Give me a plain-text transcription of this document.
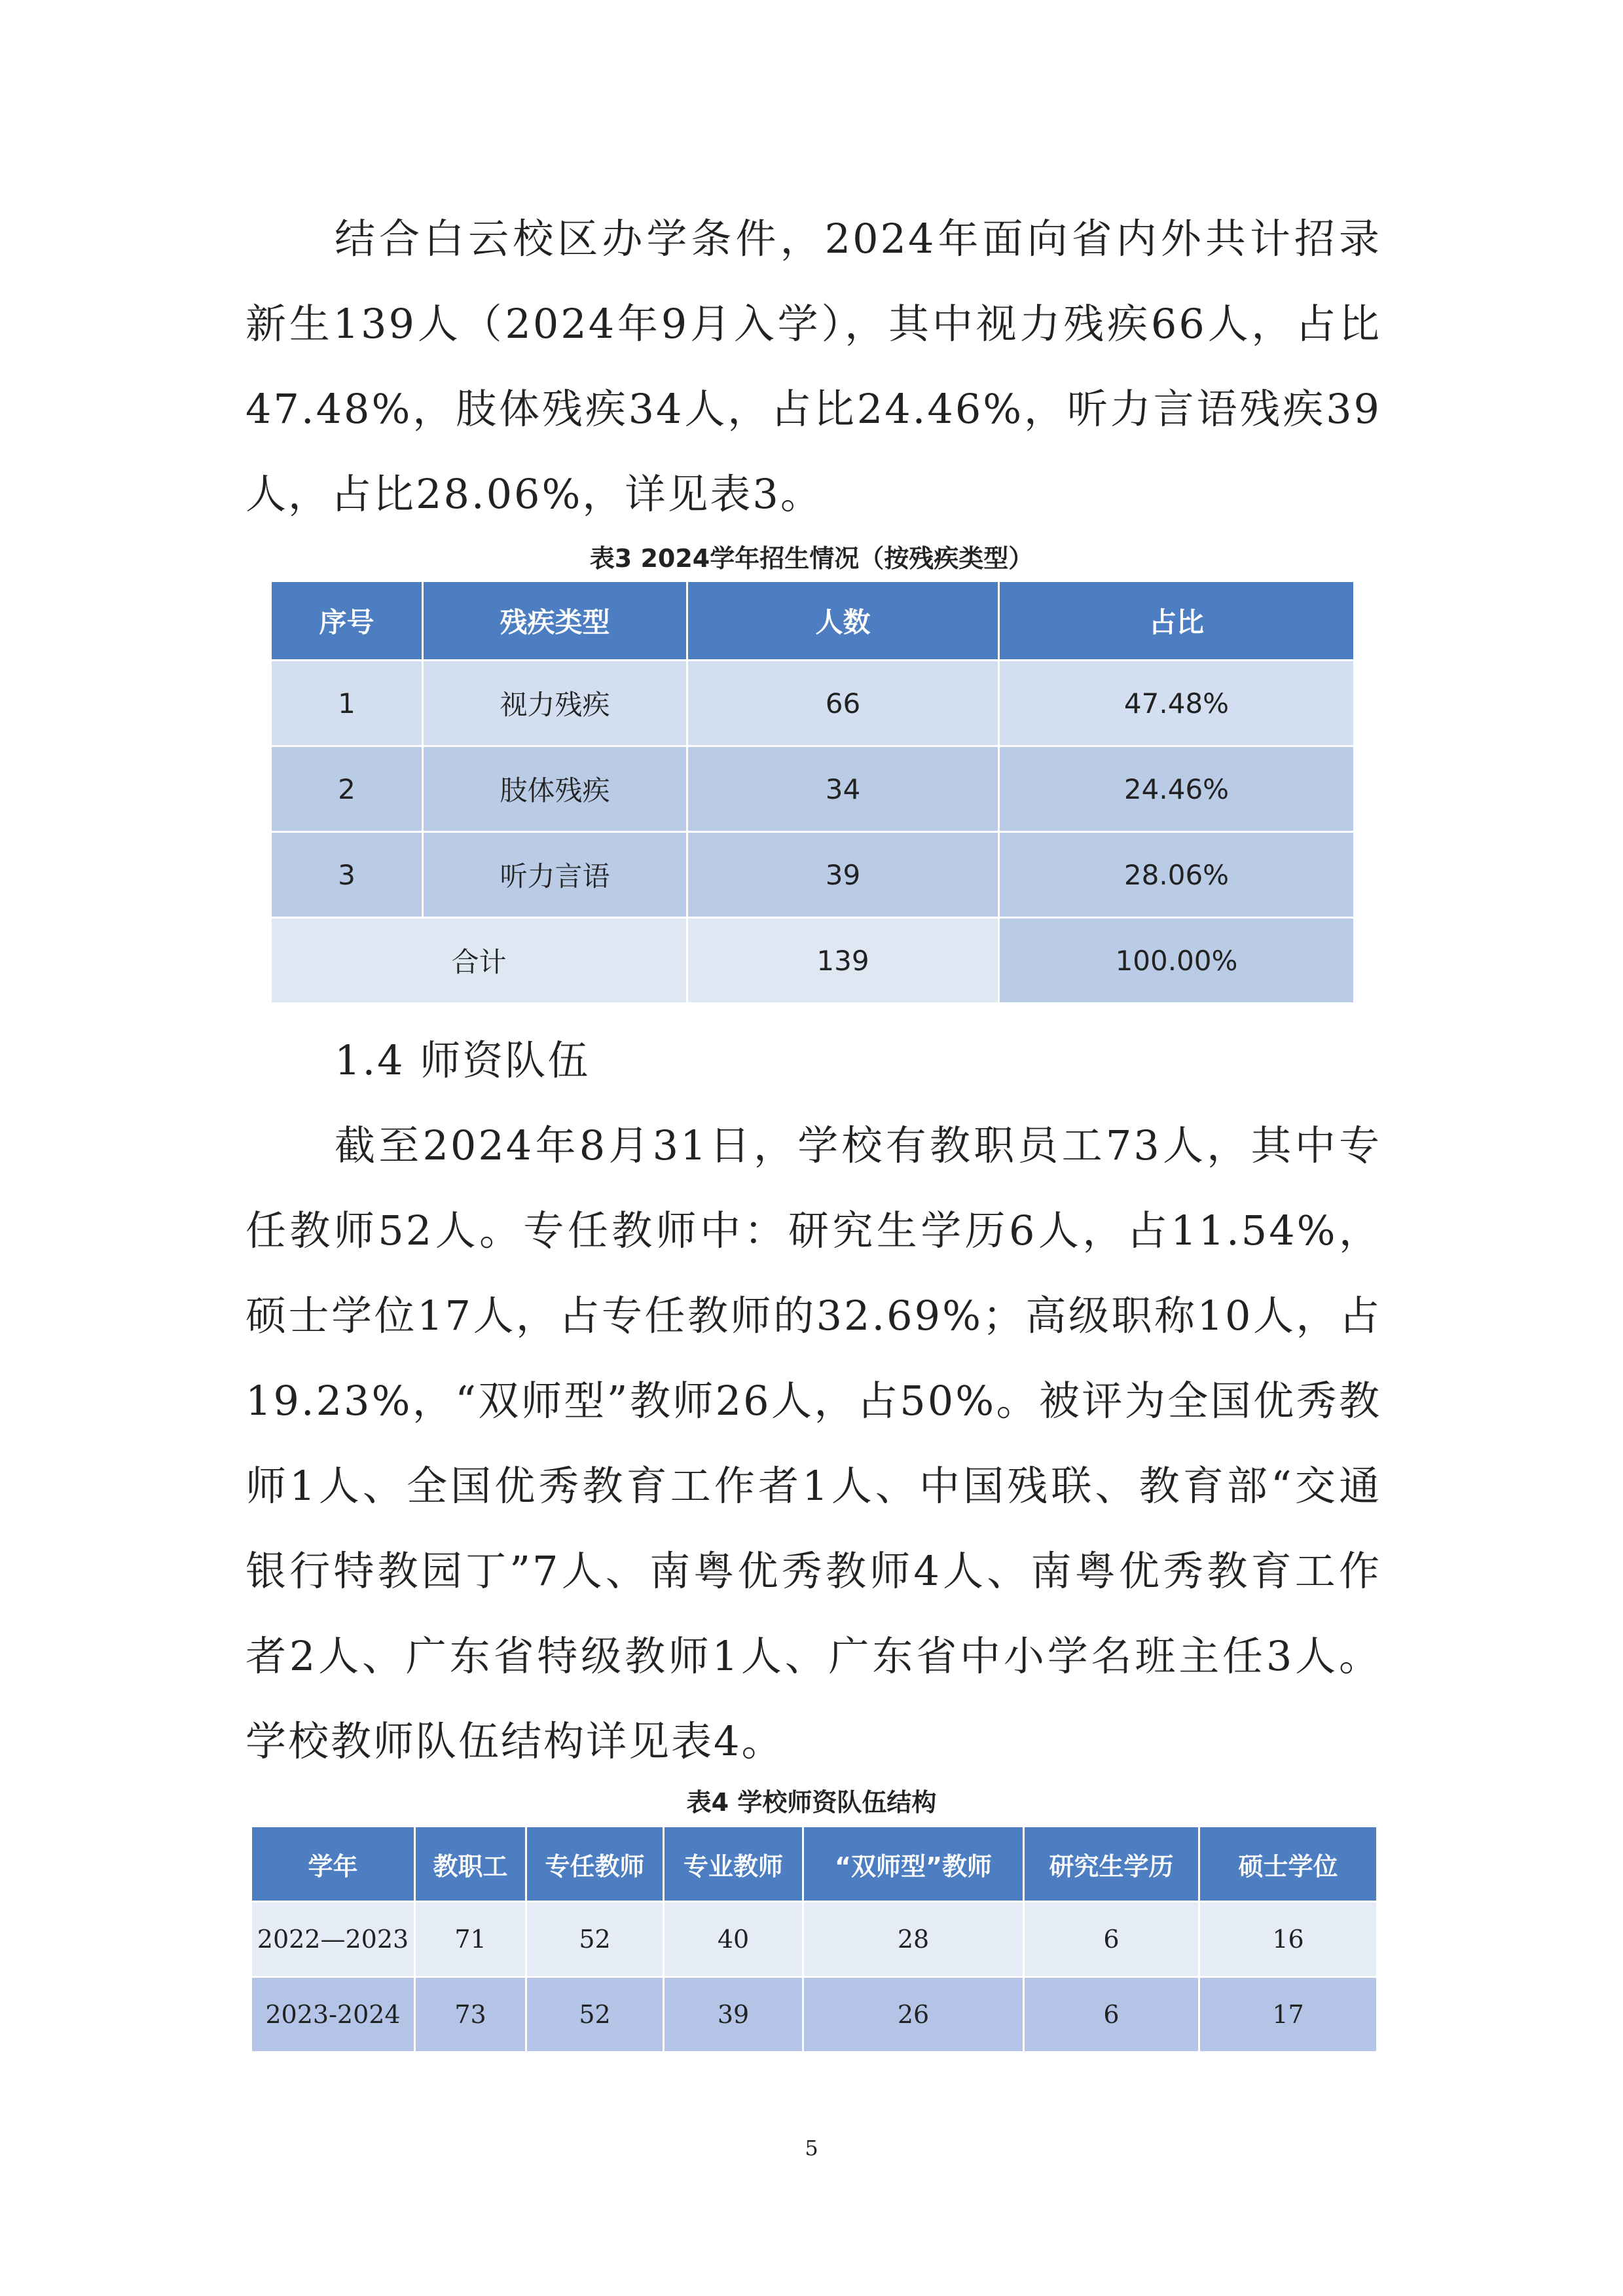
结合白云校区办学条件，2024年面向省内外共计招录新生139人（2024年9月入学），其中视力残疾66人，占比47.48%，肢体残疾34人，占比24.46%，听力言语残疾39人，占比28.06%，详见表3。

表3 2024学年招生情况（按残疾类型）

序号	残疾类型	人数	占比
1	视力残疾	66	47.48%
2	肢体残疾	34	24.46%
3	听力言语	39	28.06%
合计		139	100.00%

1.4 师资队伍

截至2024年8月31日，学校有教职员工73人，其中专任教师52人。专任教师中：研究生学历6人，占11.54%，硕士学位17人，占专任教师的32.69%；高级职称10人，占19.23%，“双师型”教师26人，占50%。被评为全国优秀教师1人、全国优秀教育工作者1人、中国残联、教育部“交通银行特教园丁”7人、南粤优秀教师4人、南粤优秀教育工作者2人、广东省特级教师1人、广东省中小学名班主任3人。学校教师队伍结构详见表4。

表4 学校师资队伍结构

学年	教职工	专任教师	专业教师	“双师型”教师	研究生学历	硕士学位
2022—2023	71	52	40	28	6	16
2023-2024	73	52	39	26	6	17
5
